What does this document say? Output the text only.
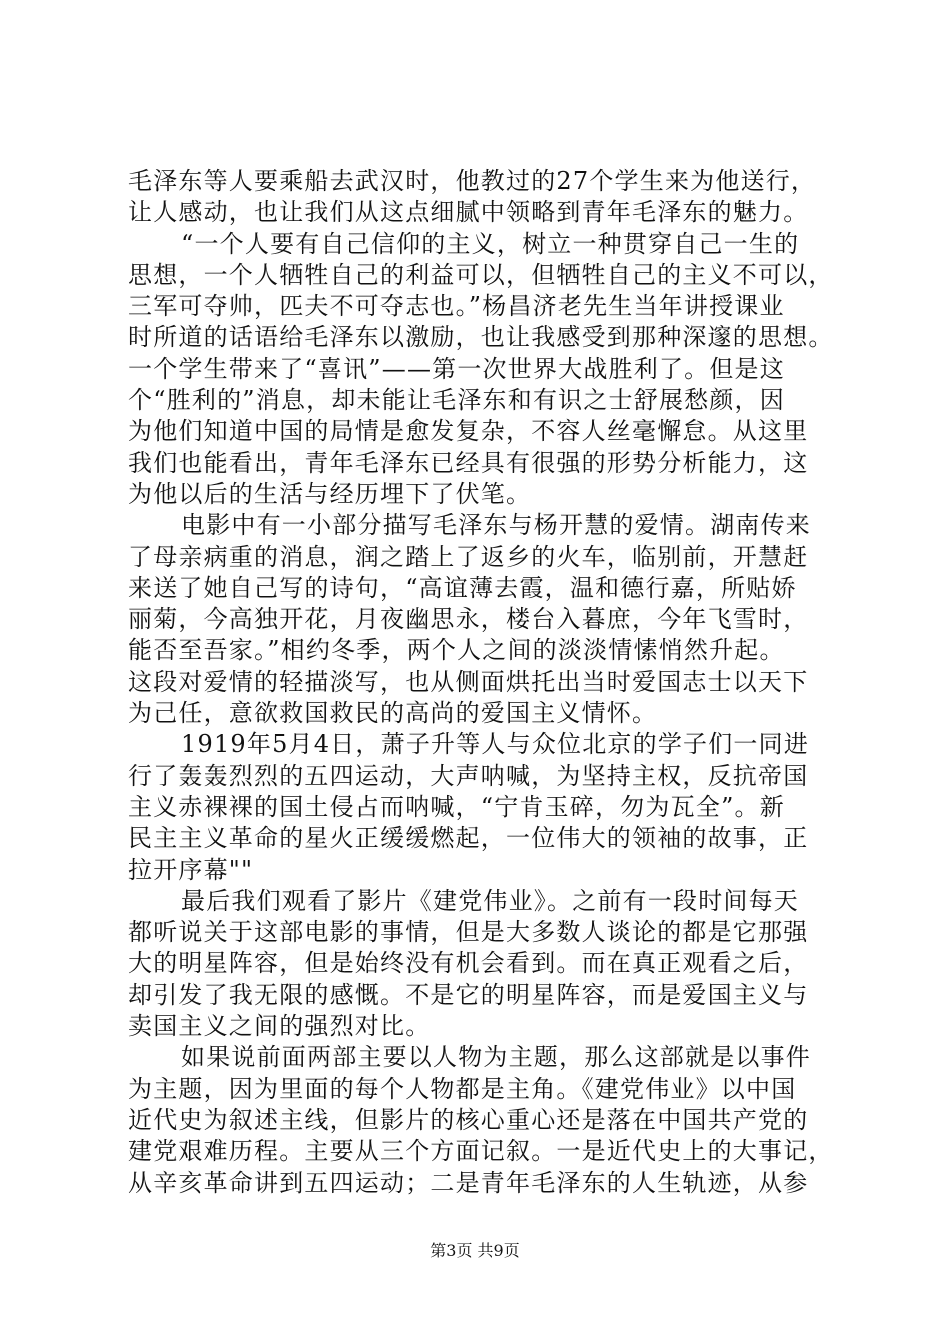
毛泽东等人要乘船去武汉时，他教过的27个学生来为他送行，
让人感动，也让我们从这点细腻中领略到青年毛泽东的魅力。
“一个人要有自己信仰的主义，树立一种贯穿自己一生的
思想，一个人牺牲自己的利益可以，但牺牲自己的主义不可以，
三军可夺帅，匹夫不可夺志也。”杨昌济老先生当年讲授课业
时所道的话语给毛泽东以激励，也让我感受到那种深邃的思想。
一个学生带来了“喜讯”——第一次世界大战胜利了。但是这
个“胜利的”消息，却未能让毛泽东和有识之士舒展愁颜，因
为他们知道中国的局情是愈发复杂，不容人丝毫懈怠。从这里
我们也能看出，青年毛泽东已经具有很强的形势分析能力，这
为他以后的生活与经历埋下了伏笔。
电影中有一小部分描写毛泽东与杨开慧的爱情。湖南传来
了母亲病重的消息，润之踏上了返乡的火车，临别前，开慧赶
来送了她自己写的诗句，“高谊薄去霞，温和德行嘉，所贴娇
丽菊，今高独开花，月夜幽思永，楼台入暮庶，今年飞雪时，
能否至吾家。”相约冬季，两个人之间的淡淡情愫悄然升起。
这段对爱情的轻描淡写，也从侧面烘托出当时爱国志士以天下
为己任，意欲救国救民的高尚的爱国主义情怀。
1919年5月4日，萧子升等人与众位北京的学子们一同进
行了轰轰烈烈的五四运动，大声呐喊，为坚持主权，反抗帝国
主义赤裸裸的国土侵占而呐喊，“宁肯玉碎，勿为瓦全”。新
民主主义革命的星火正缓缓燃起，一位伟大的领袖的故事，正
拉开序幕""
最后我们观看了影片《建党伟业》。之前有一段时间每天
都听说关于这部电影的事情，但是大多数人谈论的都是它那强
大的明星阵容，但是始终没有机会看到。而在真正观看之后，
却引发了我无限的感慨。不是它的明星阵容，而是爱国主义与
卖国主义之间的强烈对比。
如果说前面两部主要以人物为主题，那么这部就是以事件
为主题，因为里面的每个人物都是主角。《建党伟业》以中国
近代史为叙述主线，但影片的核心重心还是落在中国共产党的
建党艰难历程。主要从三个方面记叙。一是近代史上的大事记，
从辛亥革命讲到五四运动；二是青年毛泽东的人生轨迹，从参
第3页 共9页
